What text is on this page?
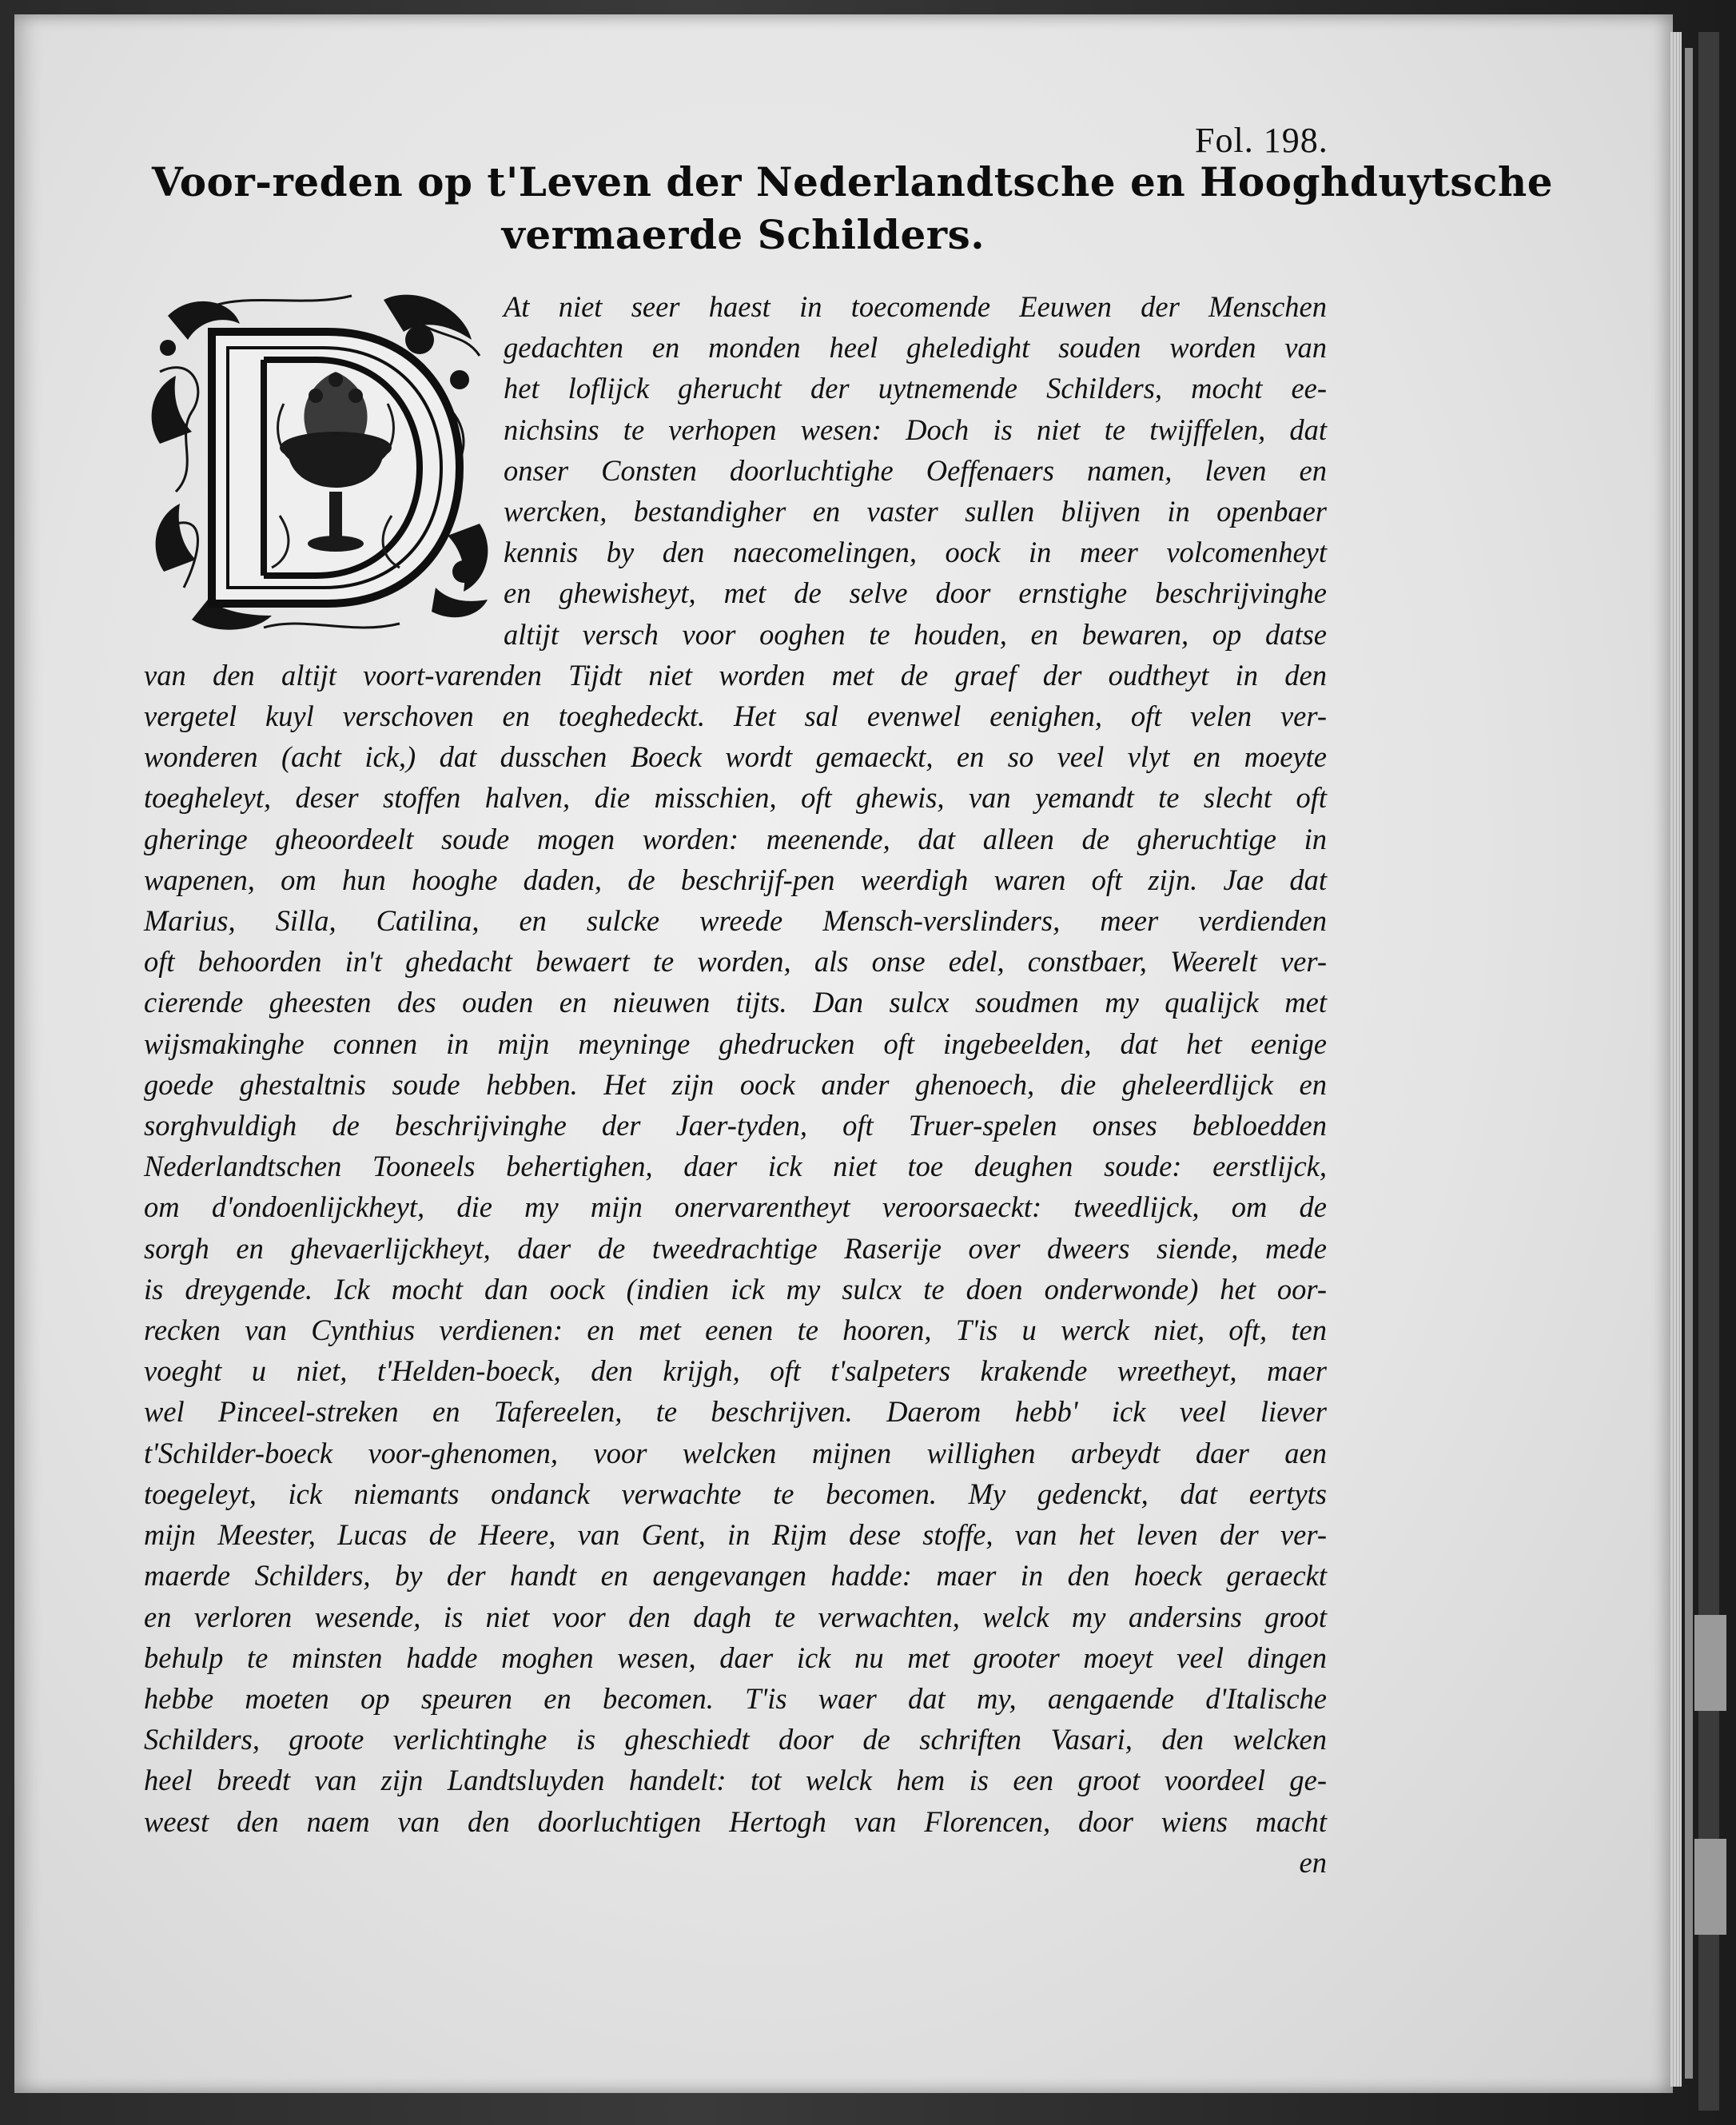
Fol. 198.
Voor-reden op t'Leven der Nederlandtsche en Hooghduytsche
vermaerde Schilders.
At niet seer haest in toecomende Eeuwen der Menschen
gedachten en monden heel gheledight souden worden van
het loflijck gherucht der uytnemende Schilders, mocht ee-
nichsins te verhopen wesen: Doch is niet te twijffelen, dat
onser Consten doorluchtighe Oeffenaers namen, leven en
wercken, bestandigher en vaster sullen blijven in openbaer
kennis by den naecomelingen, oock in meer volcomenheyt
en ghewisheyt, met de selve door ernstighe beschrijvinghe
altijt versch voor ooghen te houden, en bewaren, op datse
van den altijt voort-varenden Tijdt niet worden met de graef der oudtheyt in den
vergetel kuyl verschoven en toeghedeckt. Het sal evenwel eenighen, oft velen ver-
wonderen (acht ick,) dat dusschen Boeck wordt gemaeckt, en so veel vlyt en moeyte
toegheleyt, deser stoffen halven, die misschien, oft ghewis, van yemandt te slecht oft
gheringe gheoordeelt soude mogen worden: meenende, dat alleen de gheruchtige in
wapenen, om hun hooghe daden, de beschrijf-pen weerdigh waren oft zijn. Jae dat
Marius, Silla, Catilina, en sulcke wreede Mensch-verslinders, meer verdienden
oft behoorden in't ghedacht bewaert te worden, als onse edel, constbaer, Weerelt ver-
cierende gheesten des ouden en nieuwen tijts. Dan sulcx soudmen my qualijck met
wijsmakinghe connen in mijn meyninge ghedrucken oft ingebeelden, dat het eenige
goede ghestaltnis soude hebben. Het zijn oock ander ghenoech, die gheleerdlijck en
sorghvuldigh de beschrijvinghe der Jaer-tyden, oft Truer-spelen onses bebloedden
Nederlandtschen Tooneels behertighen, daer ick niet toe deughen soude: eerstlijck,
om d'ondoenlijckheyt, die my mijn onervarentheyt veroorsaeckt: tweedlijck, om de
sorgh en ghevaerlijckheyt, daer de tweedrachtige Raserije over dweers siende, mede
is dreygende. Ick mocht dan oock (indien ick my sulcx te doen onderwonde) het oor-
recken van Cynthius verdienen: en met eenen te hooren, T'is u werck niet, oft, ten
voeght u niet, t'Helden-boeck, den krijgh, oft t'salpeters krakende wreetheyt, maer
wel Pinceel-streken en Tafereelen, te beschrijven. Daerom hebb' ick veel liever
t'Schilder-boeck voor-ghenomen, voor welcken mijnen willighen arbeydt daer aen
toegeleyt, ick niemants ondanck verwachte te becomen. My gedenckt, dat eertyts
mijn Meester, Lucas de Heere, van Gent, in Rijm dese stoffe, van het leven der ver-
maerde Schilders, by der handt en aengevangen hadde: maer in den hoeck geraeckt
en verloren wesende, is niet voor den dagh te verwachten, welck my andersins groot
behulp te minsten hadde moghen wesen, daer ick nu met grooter moeyt veel dingen
hebbe moeten op speuren en becomen. T'is waer dat my, aengaende d'Italische
Schilders, groote verlichtinghe is gheschiedt door de schriften Vasari, den welcken
heel breedt van zijn Landtsluyden handelt: tot welck hem is een groot voordeel ge-
weest den naem van den doorluchtigen Hertogh van Florencen, door wiens macht
en
